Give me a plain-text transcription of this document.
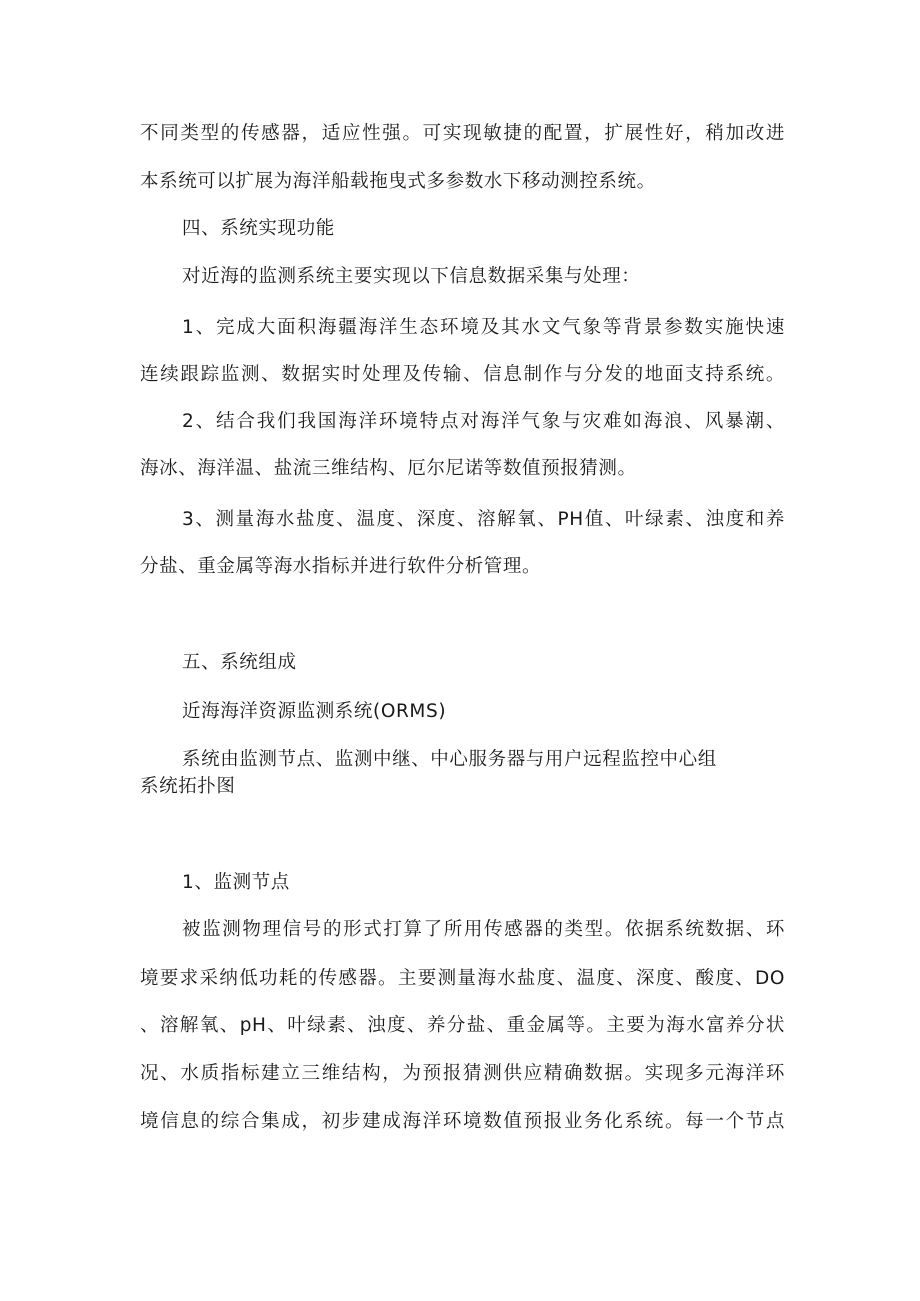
不同类型的传感器，适应性强。可实现敏捷的配置，扩展性好，稍加改进
本系统可以扩展为海洋船载拖曳式多参数水下移动测控系统。
四、系统实现功能
对近海的监测系统主要实现以下信息数据采集与处理：
1、完成大面积海疆海洋生态环境及其水文气象等背景参数实施快速
连续跟踪监测、数据实时处理及传输、信息制作与分发的地面支持系统。
2、结合我们我国海洋环境特点对海洋气象与灾难如海浪、风暴潮、
海冰、海洋温、盐流三维结构、厄尔尼诺等数值预报猜测。
3、测量海水盐度、温度、深度、溶解氧、PH值、叶绿素、浊度和养
分盐、重金属等海水指标并进行软件分析管理。
五、系统组成
近海海洋资源监测系统(ORMS)
系统由监测节点、监测中继、中心服务器与用户远程监控中心组
系统拓扑图
1、监测节点
被监测物理信号的形式打算了所用传感器的类型。依据系统数据、环
境要求采纳低功耗的传感器。主要测量海水盐度、温度、深度、酸度、DO
、溶解氧、pH、叶绿素、浊度、养分盐、重金属等。主要为海水富养分状
况、水质指标建立三维结构，为预报猜测供应精确数据。实现多元海洋环
境信息的综合集成，初步建成海洋环境数值预报业务化系统。每一个节点
